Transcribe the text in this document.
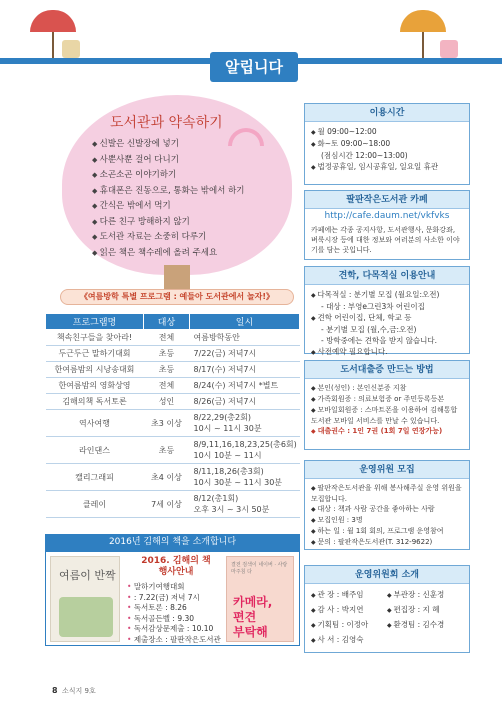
알립니다
도서관과 약속하기
◆ 신발은 신발장에 넣기
◆ 사뿐사뿐 걸어 다니기
◆ 소곤소곤 이야기하기
◆ 휴대폰은 진동으로, 통화는 밖에서 하기
◆ 간식은 밖에서 먹기
◆ 다른 친구 방해하지 않기
◆ 도서관 자료는 소중히 다루기
◆ 읽은 책은 책수레에 올려 주세요
《여름방학 특별 프로그램 : 예들아 도서관에서 놀자!》
프로그램명	대상	일시
책속친구들을 찾아라!	전체	여름방학동안
두근두근 말하기대회	초등	7/22(금) 저녁7시
한여름밤의 시낭송대회	초등	8/17(수) 저녁7시
한여름밤의 영화상영	전체	8/24(수) 저녁7시 *별트
김해의책 독서토론	성인	8/26(금) 저녁7시
역사여행	초3 이상	8/22,29(총2회)
10시 ~ 11시 30분
라인댄스	초등	8/9,11,16,18,23,25(총6회)
10시 10분 ~ 11시
캘리그래피	초4 이상	8/11,18,26(총3회)
10시 30분 ~ 11시 30분
클레이	7세 이상	8/12(총1회)
오후 3시 ~ 3시 50분
2016년 김해의 책을 소개합니다
여름이 반짝
2016. 김해의 책
행사안내
• 말하기여행대회
• : 7.22(금) 저녁 7시
• 독서토론 : 8.26
• 독서골든벨 : 9.30
• 독서감상문제출 : 10.10
• 제출장소 : 팔판작은도서관
결전 검색이 네이버 · 사랑 마주침 다
카메라,
편견
부탁해
이용시간
◆ 월 09:00~12:00
◆ 화~토 09:00~18:00
(점심시간 12:00~13:00)
◆ 법정공휴일, 임시공휴일, 일요일 휴관
팔판작은도서관 카페
http://cafe.daum.net/vkfvks
카페에는 각종 공지사항, 도서관행사, 문화강좌, 벼룩시장 등에 대한 정보와 여러분의 사소한 이야기를 담는 곳입니다.
견학, 다목적실 이용안내
◆ 다목적실 : 분기별 모집 (월요일:오전)
- 대상 : 부영e그린3차 어린이집
◆ 견학 어린이집, 단체, 학교 등
- 분기별 모집 (월,수,금:오전)
- 방학중에는 견학을 받지 않습니다.
◆ 사전예약 필요합니다.
도서대출증 만드는 방법
◆ 본인(성인) : 본인신분증 지참
◆ 가족회원증 : 의료보험증 or 주민등록등본
◆ 모바일회원증 : 스마트폰을 이용하여 김해통합도서관 모바일 서비스를 만날 수 있습니다.
◆ 대출권수 : 1인 7권 (1회 7일 연장가능)
운영위원 모집
◆ 팔판작은도서관을 위해 봉사해주실 운영 위원을 모집합니다.
◆ 대상 : 책과 사람 공간을 좋아하는 사람
◆ 모집인원 : 3명
◆ 하는 일 : 월 1회 회의, 프로그램 운영참여
◆ 문의 : 팔판작은도서관(T. 312-9622)
운영위원회 소개
◆ 관 장 : 배주임	◆ 부관장 : 신훈정
◆ 감 사 : 박지연	◆ 편집장 : 지 혜
◆ 기획팀 : 이정아	◆ 환경팀 : 김수경
◆ 사 서 : 김영숙
8 소식지 9호
